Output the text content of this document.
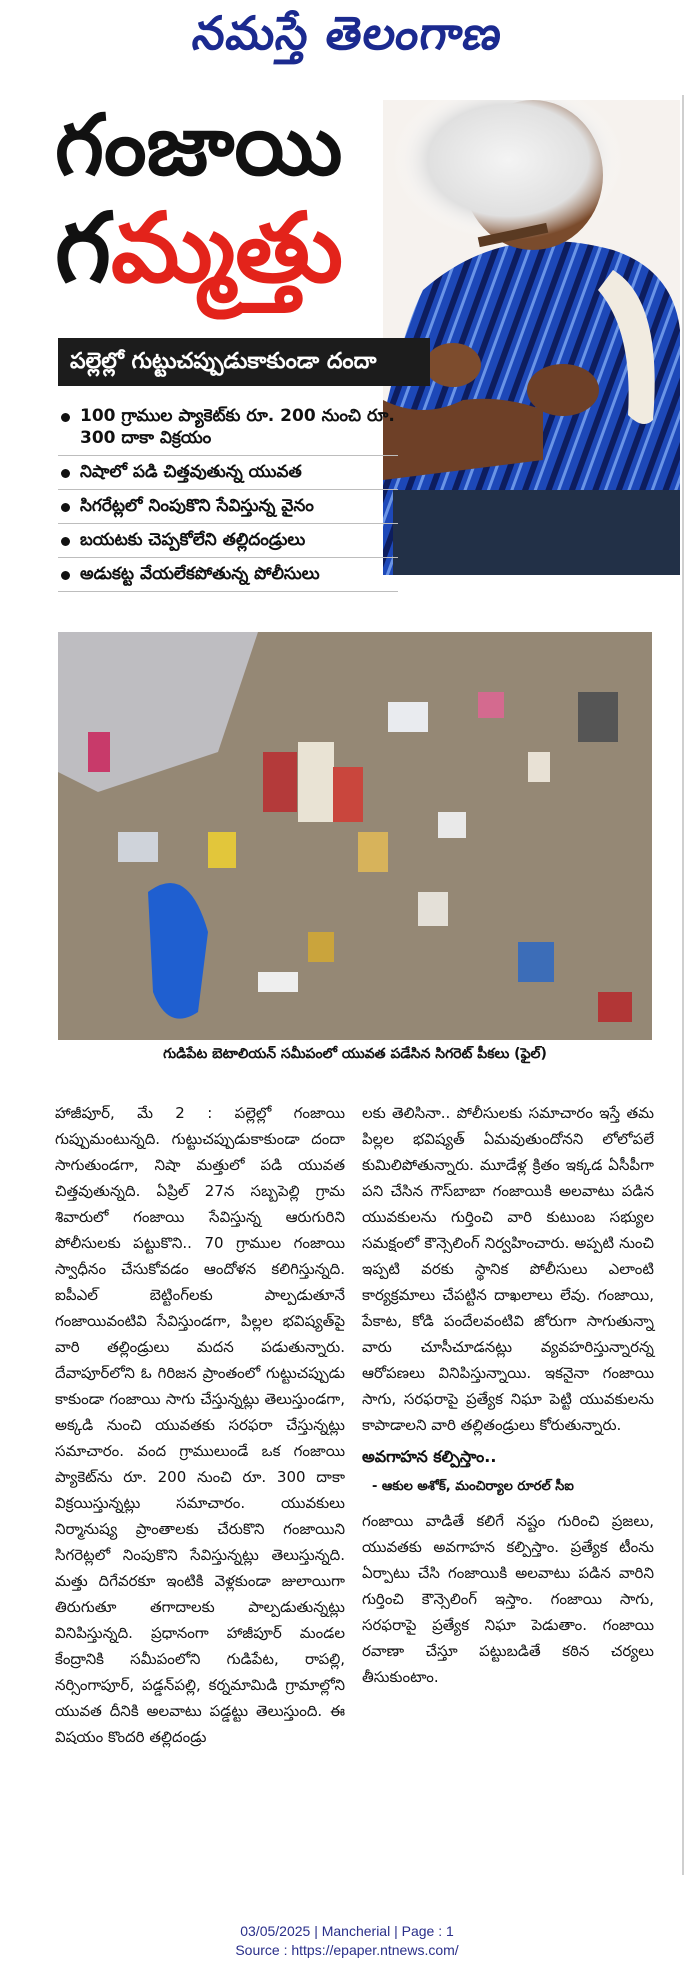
నమస్తే తెలంగాణ
గంజాయి
గమ్మత్తు
పల్లెల్లో గుట్టుచప్పుడుకాకుండా దందా
100 గ్రాముల ప్యాకెట్‌కు రూ. 200 నుంచి రూ. 300 దాకా విక్రయం
నిషాలో పడి చిత్తవుతున్న యువత
సిగరేట్లలో నింపుకొని సేవిస్తున్న వైనం
బయటకు చెప్పకోలేని తల్లిదండ్రులు
అడుకట్ట వేయలేకపోతున్న పోలీసులు
గుడిపేట బెటాలియన్ సమీపంలో యువత పడేసిన సిగరెట్ పీకలు (ఫైల్)

హాజీపూర్, మే 2 : పల్లెల్లో గంజాయి గుప్పుమంటున్నది. గుట్టుచప్పుడుకాకుండా దందా సాగుతుండగా, నిషా మత్తులో పడి యువత చిత్తవుతున్నది. ఏప్రిల్ 27న సబ్బపెల్లి గ్రామ శివారులో గంజాయి సేవిస్తున్న ఆరుగురిని పోలీసులకు పట్టుకొని.. 70 గ్రాముల గంజాయి స్వాధీనం చేసుకోవడం ఆందోళన కలిగిస్తున్నది. ఐపీఎల్ బెట్టింగ్‌లకు పాల్పడుతూనే గంజాయివంటివి సేవిస్తుండగా, పిల్లల భవిష్యత్‌పై వారి తల్లిండ్రులు మదన పడుతున్నారు. దేవాపూర్‌లోని ఓ గిరిజన ప్రాంతంలో గుట్టుచప్పుడు కాకుండా గంజాయి సాగు చేస్తున్నట్లు తెలుస్తుండగా, అక్కడి నుంచి యువతకు సరఫరా చేస్తున్నట్లు సమాచారం. వంద గ్రాములుండే ఒక గంజాయి ప్యాకెట్‌ను రూ. 200 నుంచి రూ. 300 దాకా విక్రయిస్తున్నట్లు సమాచారం. యువకులు నిర్మానుష్య ప్రాంతాలకు చేరుకొని గంజాయిని సిగరెట్లలో నింపుకొని సేవిస్తున్నట్లు తెలుస్తున్నది. మత్తు దిగేవరకూ ఇంటికి వెళ్లకుండా జులాయిగా తిరుగుతూ తగాదాలకు పాల్పడుతున్నట్లు వినిపిస్తున్నది. ప్రధానంగా హాజీపూర్ మండల కేంద్రానికి సమీపంలోని గుడిపేట, రాపల్లి, నర్సింగాపూర్, పడ్డన్‌పల్లి, కర్నమామిడి గ్రామాల్లోని యువత దీనికి అలవాటు పడ్డట్టు తెలుస్తుంది. ఈ విషయం కొందరి తల్లిదండ్రు

లకు తెలిసినా.. పోలీసులకు సమాచారం ఇస్తే తమ పిల్లల భవిష్యత్ ఏమవుతుందోనని లోలోపలే కుమిలిపోతున్నారు. మూడేళ్ల క్రితం ఇక్కడ ఏసీపీగా పని చేసిన గౌస్‌బాబా గంజాయికి అలవాటు పడిన యువకులను గుర్తించి వారి కుటుంబ సభ్యుల సమక్షంలో కౌన్సెలింగ్ నిర్వహించారు. అప్పటి నుంచి ఇప్పటి వరకు స్థానిక పోలీసులు ఎలాంటి కార్యక్రమాలు చేపట్టిన దాఖలాలు లేవు. గంజాయి, పేకాట, కోడి పందేలవంటివి జోరుగా సాగుతున్నా వారు చూసీచూడనట్లు వ్యవహరిస్తున్నారన్న ఆరోపణలు వినిపిస్తున్నాయి. ఇకనైనా గంజాయి సాగు, సరఫరాపై ప్రత్యేక నిఘా పెట్టి యువకులను కాపాడాలని వారి తల్లితండ్రులు కోరుతున్నారు.

అవగాహన కల్పిస్తాం..
- ఆకుల అశోక్, మంచిర్యాల రూరల్ సీఐ

గంజాయి వాడితే కలిగే నష్టం గురించి ప్రజలు, యువతకు అవగాహన కల్పిస్తాం. ప్రత్యేక టీంను ఏర్పాటు చేసి గంజాయికి అలవాటు పడిన వారిని గుర్తించి కౌన్సెలింగ్ ఇస్తాం. గంజాయి సాగు, సరఫరాపై ప్రత్యేక నిఘా పెడుతాం. గంజాయి రవాణా చేస్తూ పట్టుబడితే కఠిన చర్యలు తీసుకుంటాం.

03/05/2025 | Mancherial | Page : 1
Source : https://epaper.ntnews.com/
